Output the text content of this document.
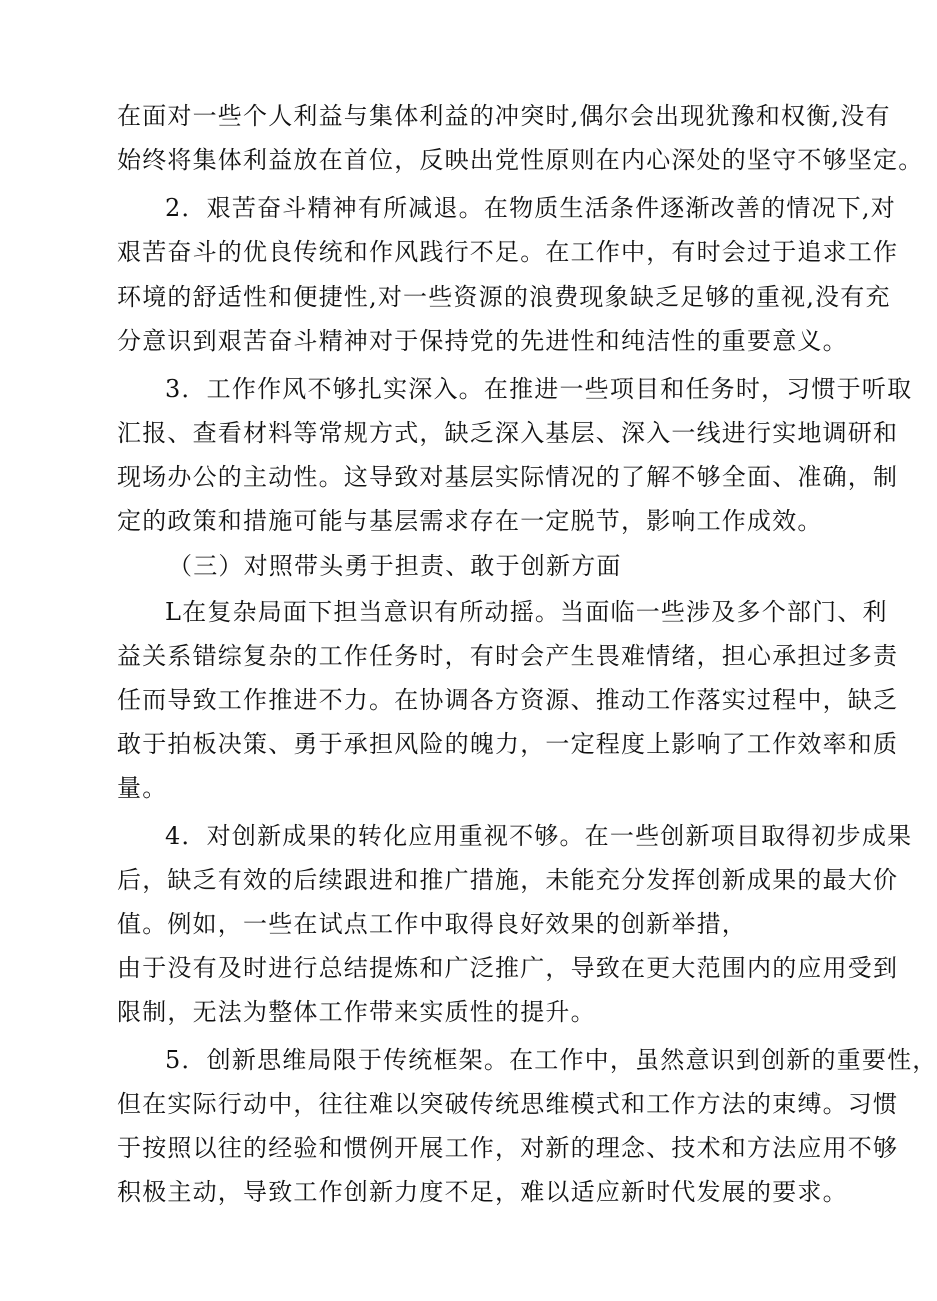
在面对一些个人利益与集体利益的冲突时,偶尔会出现犹豫和权衡,没有
始终将集体利益放在首位，反映出党性原则在内心深处的坚守不够坚定。
2．艰苦奋斗精神有所减退。在物质生活条件逐渐改善的情况下,对
艰苦奋斗的优良传统和作风践行不足。在工作中，有时会过于追求工作
环境的舒适性和便捷性,对一些资源的浪费现象缺乏足够的重视,没有充
分意识到艰苦奋斗精神对于保持党的先进性和纯洁性的重要意义。
3．工作作风不够扎实深入。在推进一些项目和任务时，习惯于听取
汇报、查看材料等常规方式，缺乏深入基层、深入一线进行实地调研和
现场办公的主动性。这导致对基层实际情况的了解不够全面、准确，制
定的政策和措施可能与基层需求存在一定脱节，影响工作成效。
（三）对照带头勇于担责、敢于创新方面
L在复杂局面下担当意识有所动摇。当面临一些涉及多个部门、利
益关系错综复杂的工作任务时，有时会产生畏难情绪，担心承担过多责
任而导致工作推进不力。在协调各方资源、推动工作落实过程中，缺乏
敢于拍板决策、勇于承担风险的魄力，一定程度上影响了工作效率和质
量。
4．对创新成果的转化应用重视不够。在一些创新项目取得初步成果
后，缺乏有效的后续跟进和推广措施，未能充分发挥创新成果的最大价
值。例如，一些在试点工作中取得良好效果的创新举措，
由于没有及时进行总结提炼和广泛推广，导致在更大范围内的应用受到
限制，无法为整体工作带来实质性的提升。
5．创新思维局限于传统框架。在工作中，虽然意识到创新的重要性，
但在实际行动中，往往难以突破传统思维模式和工作方法的束缚。习惯
于按照以往的经验和惯例开展工作，对新的理念、技术和方法应用不够
积极主动，导致工作创新力度不足，难以适应新时代发展的要求。
